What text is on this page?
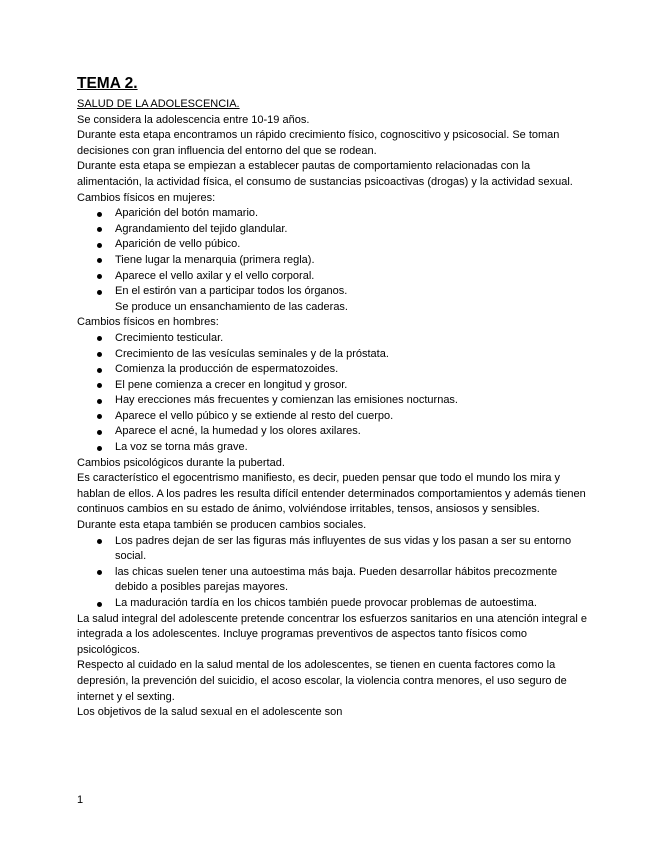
TEMA 2.

SALUD DE LA ADOLESCENCIA.

Se considera la adolescencia entre 10-19 años.

Durante esta etapa encontramos un rápido crecimiento físico, cognoscitivo y psicosocial. Se toman decisiones con gran influencia del entorno del que se rodean.

Durante esta etapa se empiezan a establecer pautas de comportamiento relacionadas con la alimentación, la actividad física, el consumo de sustancias psicoactivas (drogas) y la actividad sexual.

Cambios físicos en mujeres:

Aparición del botón mamario.
Agrandamiento del tejido glandular.
Aparición de vello púbico.
Tiene lugar la menarquia (primera regla).
Aparece el vello axilar y el vello corporal.
En el estirón van a participar todos los órganos.
Se produce un ensanchamiento de las caderas.

Cambios físicos en hombres:

Crecimiento testicular.
Crecimiento de las vesículas seminales y de la próstata.
Comienza la producción de espermatozoides.
El pene comienza a crecer en longitud y grosor.
Hay erecciones más frecuentes y comienzan las emisiones nocturnas.
Aparece el vello púbico y se extiende al resto del cuerpo.
Aparece el acné, la humedad y los olores axilares.
La voz se torna más grave.

Cambios psicológicos durante la pubertad.

Es característico el egocentrismo manifiesto, es decir, pueden pensar que todo el mundo los mira y hablan de ellos. A los padres les resulta difícil entender determinados comportamientos y además tienen continuos cambios en su estado de ánimo, volviéndose irritables, tensos, ansiosos y sensibles.

Durante esta etapa también se producen cambios sociales.

Los padres dejan de ser las figuras más influyentes de sus vidas y los pasan a ser su entorno social.
las chicas suelen tener una autoestima más baja. Pueden desarrollar hábitos precozmente debido a posibles parejas mayores.
La maduración tardía en los chicos también puede provocar problemas de autoestima.

La salud integral del adolescente pretende concentrar los esfuerzos sanitarios en una atención integral e integrada a los adolescentes. Incluye programas preventivos de aspectos tanto físicos como psicológicos.

Respecto al cuidado en la salud mental de los adolescentes, se tienen en cuenta factores como la depresión, la prevención del suicidio, el acoso escolar, la violencia contra menores, el uso seguro de internet y el sexting.

Los objetivos de la salud sexual en el adolescente son

1
